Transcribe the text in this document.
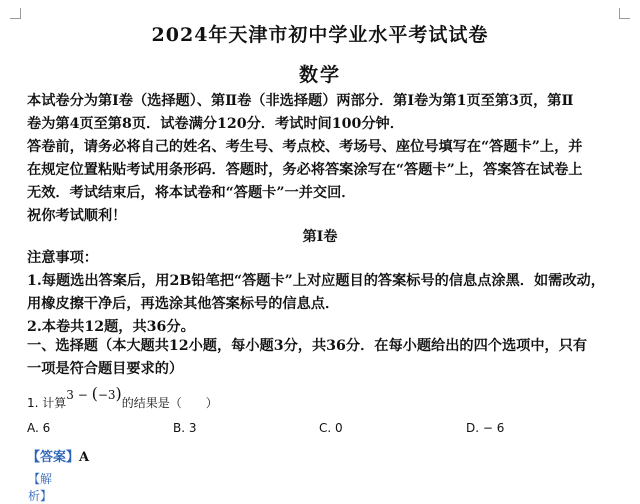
2024年天津市初中学业水平考试试卷
数学
本试卷分为第Ⅰ卷（选择题）、第Ⅱ卷（非选择题）两部分．第Ⅰ卷为第1页至第3页，第Ⅱ
卷为第4页至第8页．试卷满分120分．考试时间100分钟．
答卷前，请务必将自己的姓名、考生号、考点校、考场号、座位号填写在“答题卡”上，并
在规定位置粘贴考试用条形码．答题时，务必将答案涂写在“答题卡”上，答案答在试卷上
无效．考试结束后，将本试卷和“答题卡”一并交回．
祝你考试顺利！
第Ⅰ卷
注意事项：
1.每题选出答案后，用2B铅笔把“答题卡”上对应题目的答案标号的信息点涂黑．如需改动，
用橡皮擦干净后，再选涂其他答案标号的信息点．
2.本卷共12题，共36分。
一、选择题（本大题共12小题，每小题3分，共36分．在每小题给出的四个选项中，只有
一项是符合题目要求的）
1. 计算3 − (−3)的结果是（　　）
A. 6	B. 3	C. 0	D. − 6
【答案】A
【解析】
